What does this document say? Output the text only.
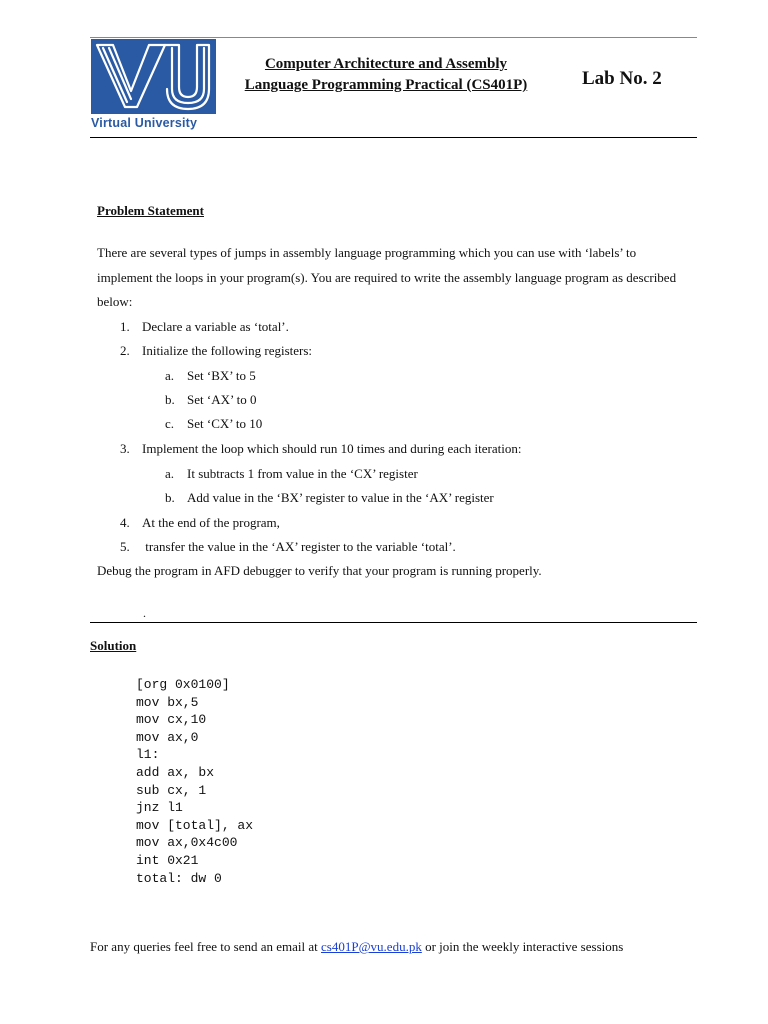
VU
Virtual University
Computer Architecture and Assembly
Language Programming Practical (CS401P)	Lab No. 2
Problem Statement

There are several types of jumps in assembly language programming which you can use with ‘labels’ to implement the loops in your program(s). You are required to write the assembly language program as described below:

1. Declare a variable as ‘total’.
2. Initialize the following registers:
a. Set ‘BX’ to 5
b. Set ‘AX’ to 0
c. Set ‘CX’ to 10
3. Implement the loop which should run 10 times and during each iteration:
a. It subtracts 1 from value in the ‘CX’ register
b. Add value in the ‘BX’ register to value in the ‘AX’ register
4. At the end of the program,
5. transfer the value in the ‘AX’ register to the variable ‘total’.
Debug the program in AFD debugger to verify that your program is running properly.
.
Solution
[org 0x0100]
mov bx,5
mov cx,10
mov ax,0
l1:
add ax, bx
sub cx, 1
jnz l1
mov [total], ax
mov ax,0x4c00
int 0x21
total: dw 0
For any queries feel free to send an email at cs401P@vu.edu.pk or join the weekly interactive sessions
